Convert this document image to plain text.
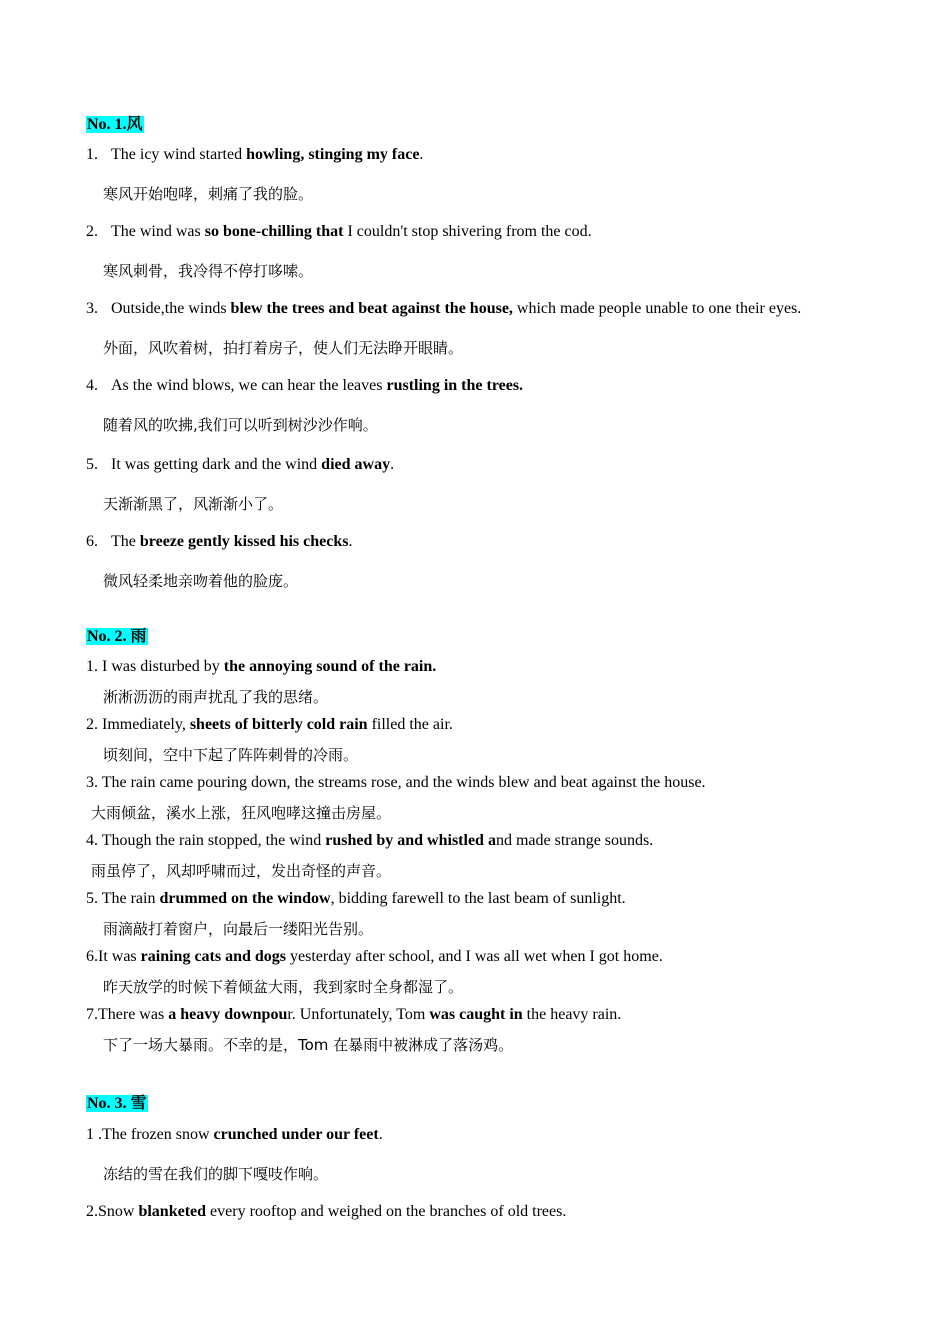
No. 1.风
1. The icy wind started howling, stinging my face.
寒风开始咆哮，刺痛了我的脸。
2. The wind was so bone-chilling that I couldn't stop shivering from the cod.
寒风刺骨，我冷得不停打哆嗦。
3. Outside,the winds blew the trees and beat against the house, which made people unable to one their eyes.
外面，风吹着树，拍打着房子，使人们无法睁开眼睛。
4. As the wind blows, we can hear the leaves rustling in the trees.
随着风的吹拂,我们可以听到树沙沙作响。
5. It was getting dark and the wind died away.
天渐渐黑了，风渐渐小了。
6. The breeze gently kissed his checks.
微风轻柔地亲吻着他的脸庞。
No. 2. 雨
1. I was disturbed by the annoying sound of the rain.
淅淅沥沥的雨声扰乱了我的思绪。
2. Immediately, sheets of bitterly cold rain filled the air.
顷刻间，空中下起了阵阵刺骨的冷雨。
3. The rain came pouring down, the streams rose, and the winds blew and beat against the house.
大雨倾盆，溪水上涨，狂风咆哮这撞击房屋。
4. Though the rain stopped, the wind rushed by and whistled and made strange sounds.
雨虽停了，风却呼啸而过，发出奇怪的声音。
5. The rain drummed on the window, bidding farewell to the last beam of sunlight.
雨滴敲打着窗户，向最后一缕阳光告别。
6.It was raining cats and dogs yesterday after school, and I was all wet when I got home.
昨天放学的时候下着倾盆大雨，我到家时全身都湿了。
7.There was a heavy downpour. Unfortunately, Tom was caught in the heavy rain.
下了一场大暴雨。不幸的是，Tom 在暴雨中被淋成了落汤鸡。
No. 3. 雪
1 .The frozen snow crunched under our feet.
冻结的雪在我们的脚下嘎吱作响。
2.Snow blanketed every rooftop and weighed on the branches of old trees.
